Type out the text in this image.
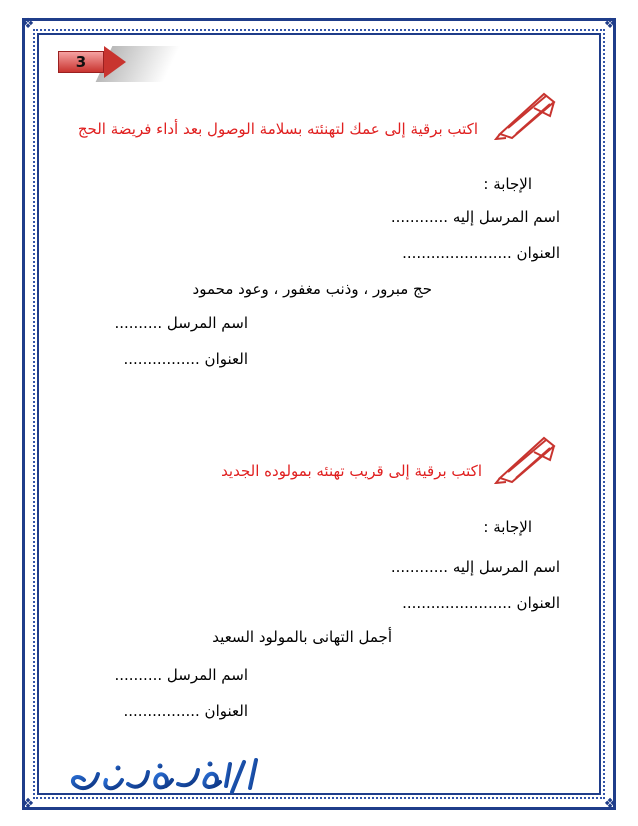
❖	❖
❖	❖
3
اكتب برقية إلى عمك لتهنئته بسلامة الوصول بعد أداء فريضة الحج
الإجابة :
اسم المرسل إليه ............
العنوان .......................
حج مبرور ، وذنب مغفور ، وعود محمود
اسم المرسل ..........
العنوان ................
اكتب برقية إلى قريب تهنئه بمولوده الجديد
الإجابة :
اسم المرسل إليه ............
العنوان .......................
أجمل التهانى بالمولود السعيد
اسم المرسل ..........
العنوان ................
